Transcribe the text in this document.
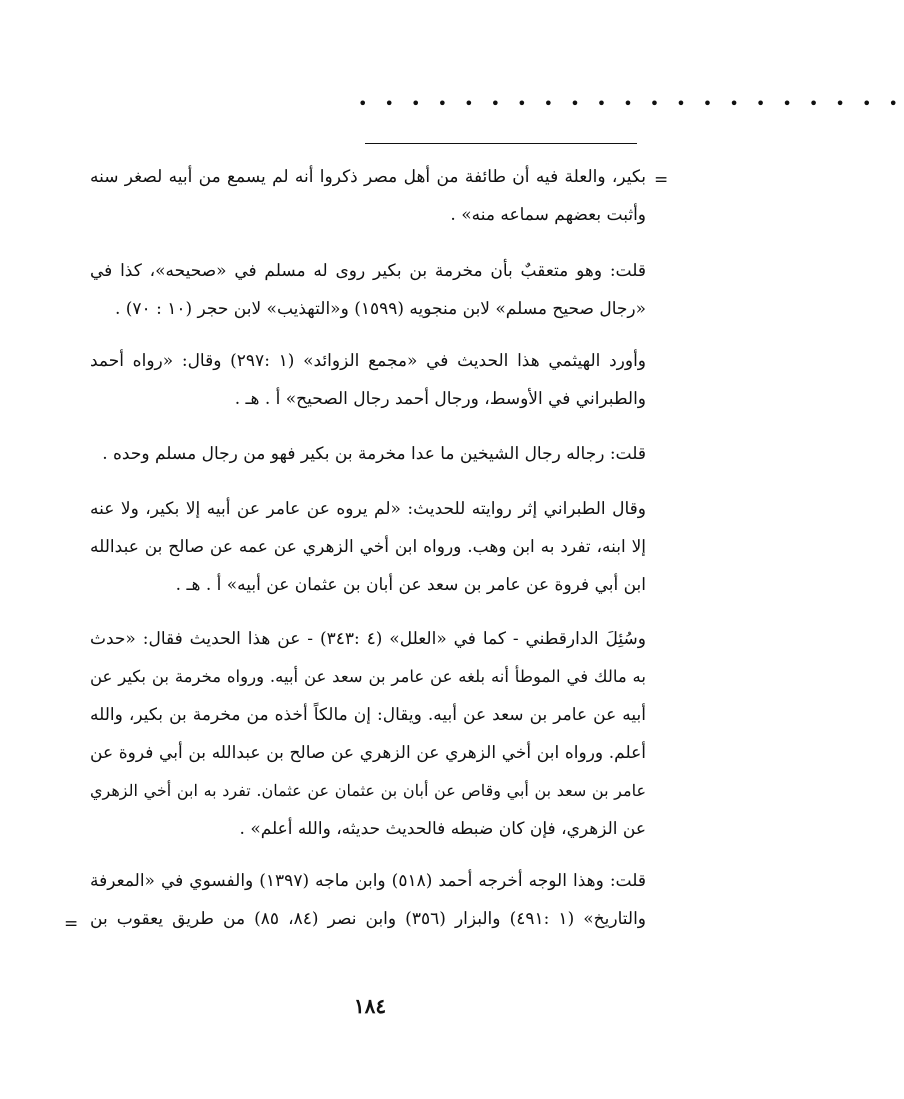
• • • • • • • • • • • • • • • • • • • • •
=
بكير، والعلة فيه أن طائفة من أهل مصر ذكروا أنه لم يسمع من أبيه لصغر سنه
وأثبت بعضهم سماعه منه» .
قلت: وهو متعقبٌ بأن مخرمة بن بكير روى له مسلم في «صحيحه»، كذا في
«رجال صحيح مسلم» لابن منجويه (١٥٩٩) و«التهذيب» لابن حجر (١٠ : ٧٠) .
وأورد الهيثمي هذا الحديث في «مجمع الزوائد» (١ :٢٩٧) وقال: «رواه أحمد
والطبراني في الأوسط، ورجال أحمد رجال الصحيح» أ . هـ .
قلت: رجاله رجال الشيخين ما عدا مخرمة بن بكير فهو من رجال مسلم وحده .
وقال الطبراني إثر روايته للحديث: «لم يروه عن عامر عن أبيه إلا بكير، ولا عنه
إلا ابنه، تفرد به ابن وهب. ورواه ابن أخي الزهري عن عمه عن صالح بن عبدالله
ابن أبي فروة عن عامر بن سعد عن أبان بن عثمان عن أبيه» أ . هـ .
وسُئِلَ الدارقطني - كما في «العلل» (٤ :٣٤٣) - عن هذا الحديث فقال: «حدث
به مالك في الموطأ أنه بلغه عن عامر بن سعد عن أبيه. ورواه مخرمة بن بكير عن
أبيه عن عامر بن سعد عن أبيه. ويقال: إن مالكاً أخذه من مخرمة بن بكير، والله
أعلم. ورواه ابن أخي الزهري عن الزهري عن صالح بن عبدالله بن أبي فروة عن
عامر بن سعد بن أبي وقاص عن أبان بن عثمان عن عثمان. تفرد به ابن أخي الزهري
عن الزهري، فإن كان ضبطه فالحديث حديثه، والله أعلم» .
قلت: وهذا الوجه أخرجه أحمد (٥١٨) وابن ماجه (١٣٩٧) والفسوي في «المعرفة
والتاريخ» (١ :٤٩١) والبزار (٣٥٦) وابن نصر (٨٤، ٨٥) من طريق يعقوب بن
=
١٨٤
